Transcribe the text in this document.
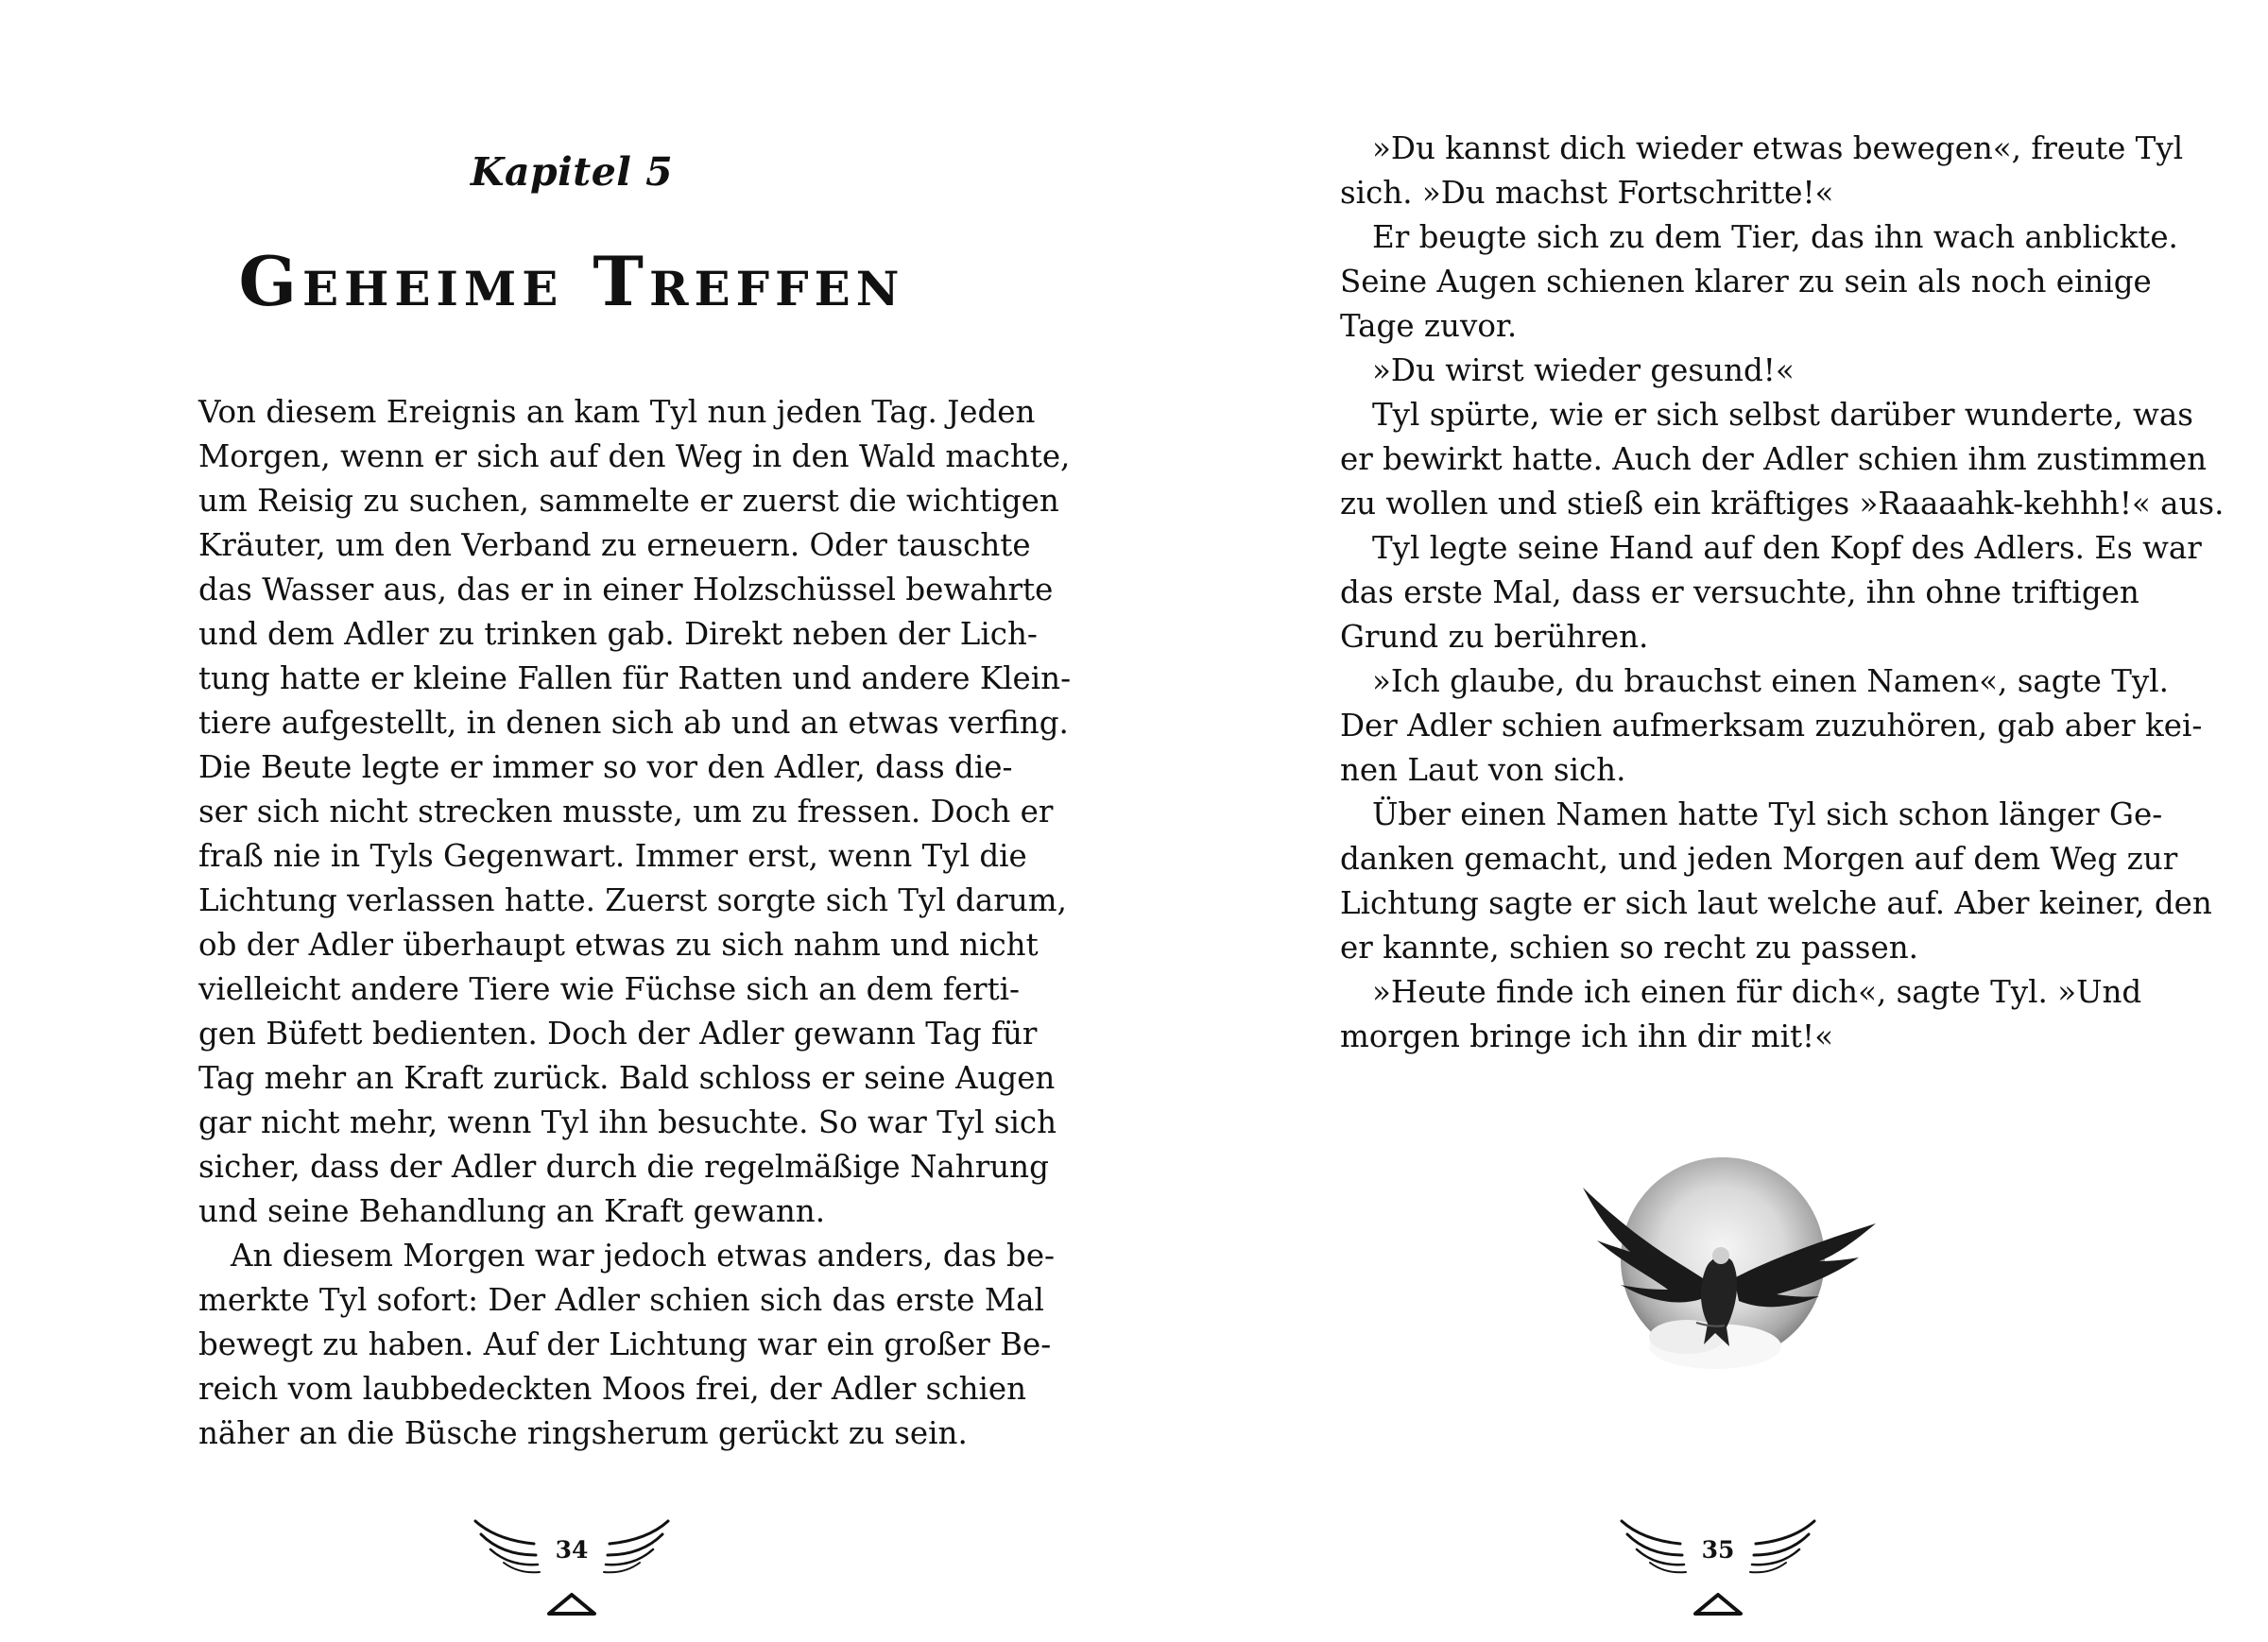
Kapitel 5
Geheime Treffen
Von diesem Ereignis an kam Tyl nun jeden Tag. Jeden
Morgen, wenn er sich auf den Weg in den Wald machte,
um Reisig zu suchen, sammelte er zuerst die wichtigen
Kräuter, um den Verband zu erneuern. Oder tauschte
das Wasser aus, das er in einer Holzschüssel bewahrte
und dem Adler zu trinken gab. Direkt neben der Lich-
tung hatte er kleine Fallen für Ratten und andere Klein-
tiere aufgestellt, in denen sich ab und an etwas verfing.
Die Beute legte er immer so vor den Adler, dass die-
ser sich nicht strecken musste, um zu fressen. Doch er
fraß nie in Tyls Gegenwart. Immer erst, wenn Tyl die
Lichtung verlassen hatte. Zuerst sorgte sich Tyl darum,
ob der Adler überhaupt etwas zu sich nahm und nicht
vielleicht andere Tiere wie Füchse sich an dem ferti-
gen Büfett bedienten. Doch der Adler gewann Tag für
Tag mehr an Kraft zurück. Bald schloss er seine Augen
gar nicht mehr, wenn Tyl ihn besuchte. So war Tyl sich
sicher, dass der Adler durch die regelmäßige Nahrung
und seine Behandlung an Kraft gewann.
An diesem Morgen war jedoch etwas anders, das be-
merkte Tyl sofort: Der Adler schien sich das erste Mal
bewegt zu haben. Auf der Lichtung war ein großer Be-
reich vom laubbedeckten Moos frei, der Adler schien
näher an die Büsche ringsherum gerückt zu sein.
34
»Du kannst dich wieder etwas bewegen«, freute Tyl
sich. »Du machst Fortschritte!«
Er beugte sich zu dem Tier, das ihn wach anblickte.
Seine Augen schienen klarer zu sein als noch einige
Tage zuvor.
»Du wirst wieder gesund!«
Tyl spürte, wie er sich selbst darüber wunderte, was
er bewirkt hatte. Auch der Adler schien ihm zustimmen
zu wollen und stieß ein kräftiges »Raaaahk-kehhh!« aus.
Tyl legte seine Hand auf den Kopf des Adlers. Es war
das erste Mal, dass er versuchte, ihn ohne triftigen
Grund zu berühren.
»Ich glaube, du brauchst einen Namen«, sagte Tyl.
Der Adler schien aufmerksam zuzuhören, gab aber kei-
nen Laut von sich.
Über einen Namen hatte Tyl sich schon länger Ge-
danken gemacht, und jeden Morgen auf dem Weg zur
Lichtung sagte er sich laut welche auf. Aber keiner, den
er kannte, schien so recht zu passen.
»Heute finde ich einen für dich«, sagte Tyl. »Und
morgen bringe ich ihn dir mit!«
35
